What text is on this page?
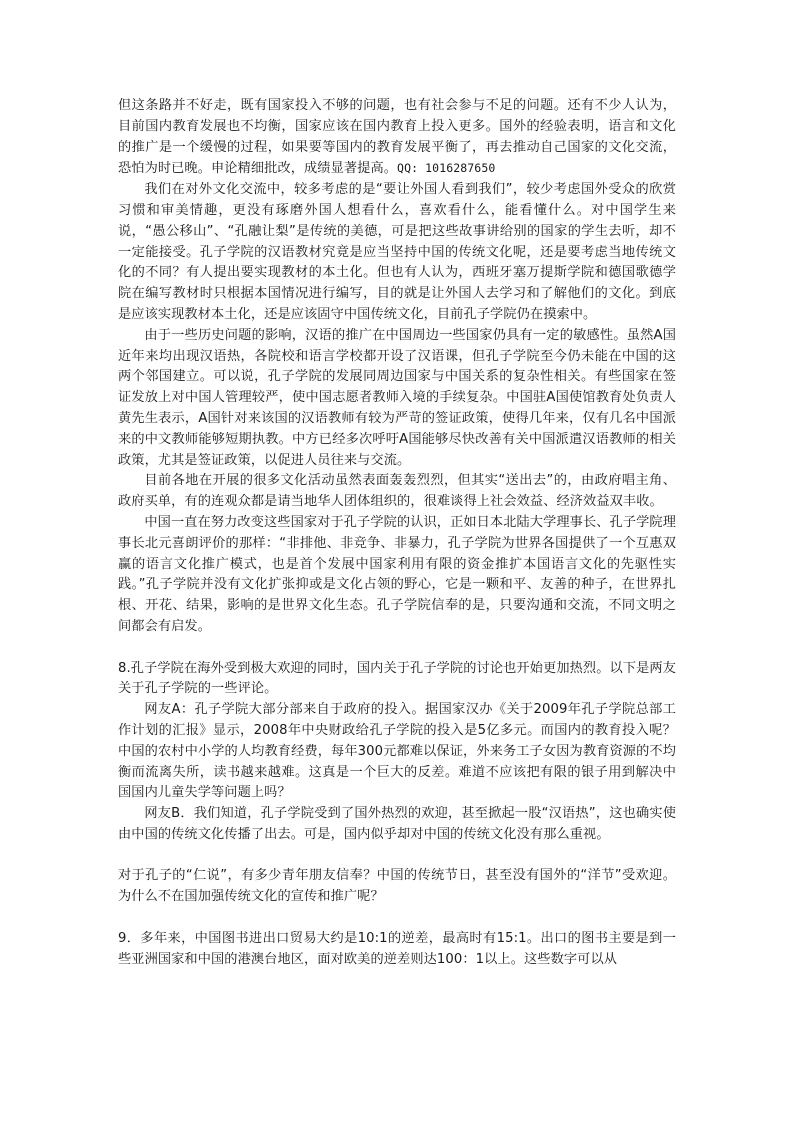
但这条路并不好走，既有国家投入不够的问题，也有社会参与不足的问题。还有不少人认为，目前国内教育发展也不均衡，国家应该在国内教育上投入更多。国外的经验表明，语言和文化的推广是一个缓慢的过程，如果要等国内的教育发展平衡了，再去推动自己国家的文化交流，恐怕为时已晚。申论精细批改，成绩显著提高。QQ: 1016287650

我们在对外文化交流中，较多考虑的是“要让外国人看到我们”，较少考虑国外受众的欣赏习惯和审美情趣，更没有琢磨外国人想看什么，喜欢看什么，能看懂什么。对中国学生来说，“愚公移山”、“孔融让梨”是传统的美德，可是把这些故事讲给别的国家的学生去听，却不一定能接受。孔子学院的汉语教材究竟是应当坚持中国的传统文化呢，还是要考虑当地传统文化的不同？有人提出要实现教材的本土化。但也有人认为，西班牙塞万提斯学院和德国歌德学院在编写教材时只根据本国情况进行编写，目的就是让外国人去学习和了解他们的文化。到底是应该实现教材本土化，还是应该固守中国传统文化，目前孔子学院仍在摸索中。

由于一些历史问题的影响，汉语的推广在中国周边一些国家仍具有一定的敏感性。虽然A国近年来均出现汉语热，各院校和语言学校都开设了汉语课，但孔子学院至今仍未能在中国的这两个邻国建立。可以说，孔子学院的发展同周边国家与中国关系的复杂性相关。有些国家在签证发放上对中国人管理较严，使中国志愿者教师入境的手续复杂。中国驻A国使馆教育处负责人黄先生表示，A国针对来该国的汉语教师有较为严苛的签证政策，使得几年来，仅有几名中国派来的中文教师能够短期执教。中方已经多次呼吁A国能够尽快改善有关中国派遣汉语教师的相关政策，尤其是签证政策，以促进人员往来与交流。

目前各地在开展的很多文化活动虽然表面轰轰烈烈，但其实“送出去”的，由政府唱主角、政府买单，有的连观众都是请当地华人团体组织的，很难谈得上社会效益、经济效益双丰收。

中国一直在努力改变这些国家对于孔子学院的认识，正如日本北陆大学理事长、孔子学院理事长北元喜朗评价的那样：“非排他、非竞争、非暴力，孔子学院为世界各国提供了一个互惠双赢的语言文化推广模式，也是首个发展中国家利用有限的资金推扩本国语言文化的先驱性实践。”孔子学院并没有文化扩张抑或是文化占领的野心，它是一颗和平、友善的种子，在世界扎根、开花、结果，影响的是世界文化生态。孔子学院信奉的是，只要沟通和交流，不同文明之间都会有启发。

8.孔子学院在海外受到极大欢迎的同时，国内关于孔子学院的讨论也开始更加热烈。以下是两友关于孔子学院的一些评论。

网友A：孔子学院大部分部来自于政府的投入。据国家汉办《关于2009年孔子学院总部工作计划的汇报》显示，2008年中央财政给孔子学院的投入是5亿多元。而国内的教育投入呢？中国的农村中小学的人均教育经费，每年300元都难以保证，外来务工子女因为教育资源的不均衡而流离失所，读书越来越难。这真是一个巨大的反差。难道不应该把有限的银子用到解决中国国内儿童失学等问题上吗？

网友B．我们知道，孔子学院受到了国外热烈的欢迎，甚至掀起一股“汉语热”，这也确实使由中国的传统文化传播了出去。可是，国内似乎却对中国的传统文化没有那么重视。

对于孔子的“仁说”，有多少青年朋友信奉？中国的传统节日，甚至没有国外的“洋节”受欢迎。为什么不在国加强传统文化的宣传和推广呢？

9．多年来，中国图书进出口贸易大约是10:1的逆差，最高时有15:1。出口的图书主要是到一些亚洲国家和中国的港澳台地区，面对欧美的逆差则达100：1以上。这些数字可以从
